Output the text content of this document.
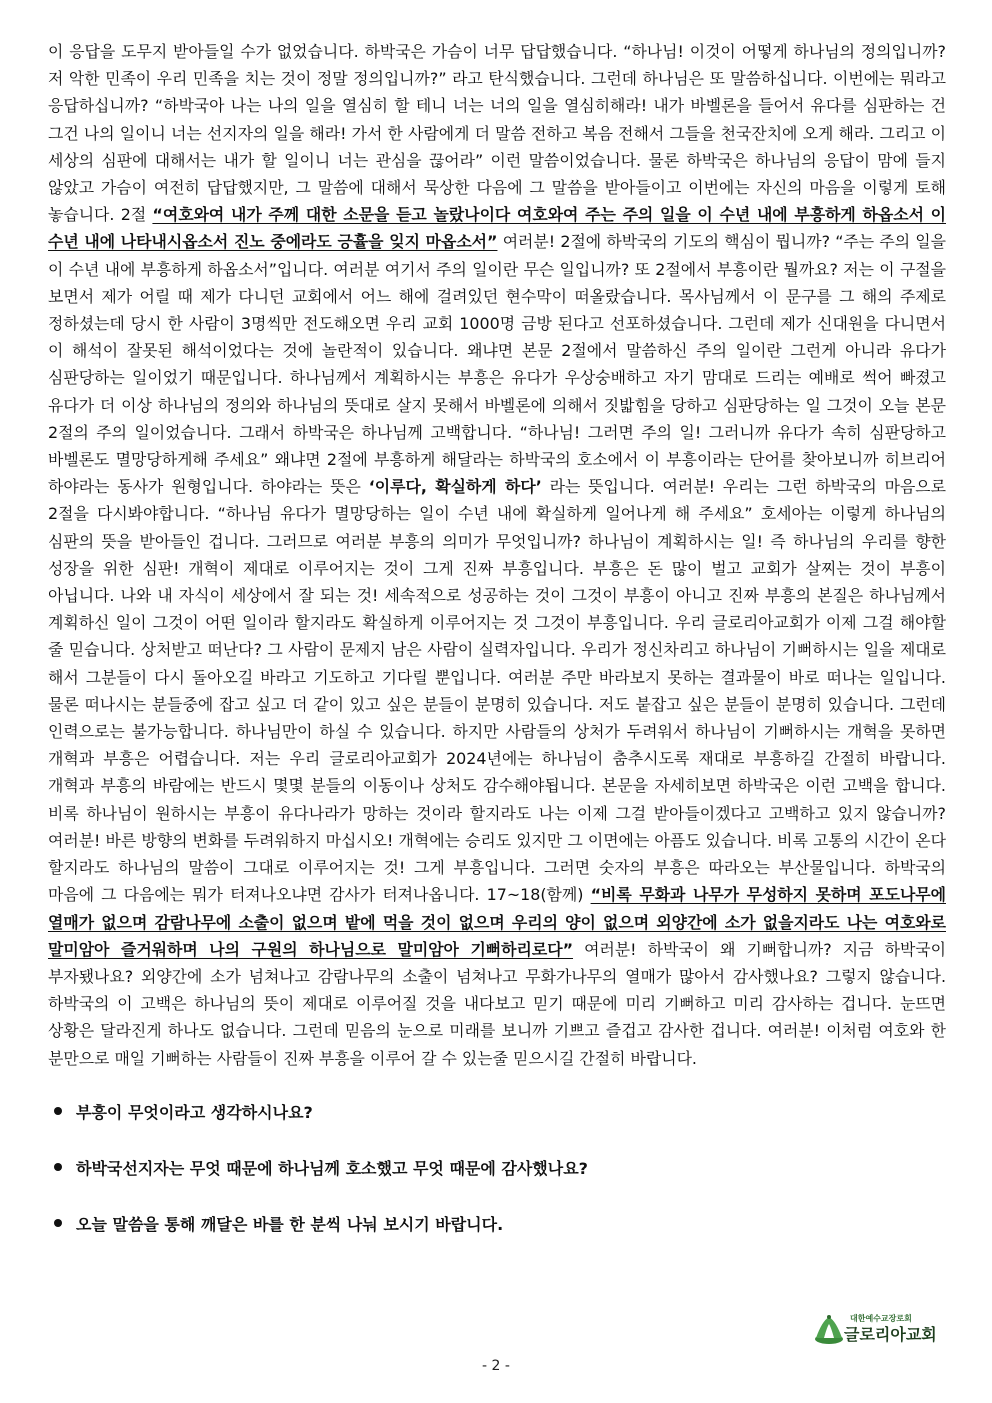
이 응답을 도무지 받아들일 수가 없었습니다. 하박국은 가슴이 너무 답답했습니다. “하나님! 이것이 어떻게 하나님의 정의입니까? 저 악한 민족이 우리 민족을 치는 것이 정말 정의입니까?” 라고 탄식했습니다. 그런데 하나님은 또 말씀하십니다. 이번에는 뭐라고 응답하십니까? “하박국아 나는 나의 일을 열심히 할 테니 너는 너의 일을 열심히해라! 내가 바벨론을 들어서 유다를 심판하는 건 그건 나의 일이니 너는 선지자의 일을 해라! 가서 한 사람에게 더 말씀 전하고 복음 전해서 그들을 천국잔치에 오게 해라. 그리고 이 세상의 심판에 대해서는 내가 할 일이니 너는 관심을 끊어라” 이런 말씀이었습니다. 물론 하박국은 하나님의 응답이 맘에 들지 않았고 가슴이 여전히 답답했지만, 그 말씀에 대해서 묵상한 다음에 그 말씀을 받아들이고 이번에는 자신의 마음을 이렇게 토해 놓습니다. 2절 “여호와여 내가 주께 대한 소문을 듣고 놀랐나이다 여호와여 주는 주의 일을 이 수년 내에 부흥하게 하옵소서 이 수년 내에 나타내시옵소서 진노 중에라도 긍휼을 잊지 마옵소서” 여러분! 2절에 하박국의 기도의 핵심이 뭡니까? “주는 주의 일을 이 수년 내에 부흥하게 하옵소서”입니다. 여러분 여기서 주의 일이란 무슨 일입니까? 또 2절에서 부흥이란 뭘까요? 저는 이 구절을 보면서 제가 어릴 때 제가 다니던 교회에서 어느 해에 걸려있던 현수막이 떠올랐습니다. 목사님께서 이 문구를 그 해의 주제로 정하셨는데 당시 한 사람이 3명씩만 전도해오면 우리 교회 1000명 금방 된다고 선포하셨습니다. 그런데 제가 신대원을 다니면서 이 해석이 잘못된 해석이었다는 것에 놀란적이 있습니다. 왜냐면 본문 2절에서 말씀하신 주의 일이란 그런게 아니라 유다가 심판당하는 일이었기 때문입니다. 하나님께서 계획하시는 부흥은 유다가 우상숭배하고 자기 맘대로 드리는 예배로 썩어 빠졌고 유다가 더 이상 하나님의 정의와 하나님의 뜻대로 살지 못해서 바벨론에 의해서 짓밟힘을 당하고 심판당하는 일 그것이 오늘 본문 2절의 주의 일이었습니다. 그래서 하박국은 하나님께 고백합니다. “하나님! 그러면 주의 일! 그러니까 유다가 속히 심판당하고 바벨론도 멸망당하게해 주세요” 왜냐면 2절에 부흥하게 해달라는 하박국의 호소에서 이 부흥이라는 단어를 찾아보니까 히브리어 하야라는 동사가 원형입니다. 하야라는 뜻은 ‘이루다, 확실하게 하다’ 라는 뜻입니다. 여러분! 우리는 그런 하박국의 마음으로 2절을 다시봐야합니다. “하나님 유다가 멸망당하는 일이 수년 내에 확실하게 일어나게 해 주세요” 호세아는 이렇게 하나님의 심판의 뜻을 받아들인 겁니다. 그러므로 여러분 부흥의 의미가 무엇입니까? 하나님이 계획하시는 일! 즉 하나님의 우리를 향한 성장을 위한 심판! 개혁이 제대로 이루어지는 것이 그게 진짜 부흥입니다. 부흥은 돈 많이 벌고 교회가 살찌는 것이 부흥이 아닙니다. 나와 내 자식이 세상에서 잘 되는 것! 세속적으로 성공하는 것이 그것이 부흥이 아니고 진짜 부흥의 본질은 하나님께서 계획하신 일이 그것이 어떤 일이라 할지라도 확실하게 이루어지는 것 그것이 부흥입니다. 우리 글로리아교회가 이제 그걸 해야할 줄 믿습니다. 상처받고 떠난다? 그 사람이 문제지 남은 사람이 실력자입니다. 우리가 정신차리고 하나님이 기뻐하시는 일을 제대로 해서 그분들이 다시 돌아오길 바라고 기도하고 기다릴 뿐입니다. 여러분 주만 바라보지 못하는 결과물이 바로 떠나는 일입니다. 물론 떠나시는 분들중에 잡고 싶고 더 같이 있고 싶은 분들이 분명히 있습니다. 저도 붙잡고 싶은 분들이 분명히 있습니다. 그런데 인력으로는 불가능합니다. 하나님만이 하실 수 있습니다. 하지만 사람들의 상처가 두려워서 하나님이 기뻐하시는 개혁을 못하면 개혁과 부흥은 어렵습니다. 저는 우리 글로리아교회가 2024년에는 하나님이 춤추시도록 재대로 부흥하길 간절히 바랍니다. 개혁과 부흥의 바람에는 반드시 몇몇 분들의 이동이나 상처도 감수해야됩니다. 본문을 자세히보면 하박국은 이런 고백을 합니다. 비록 하나님이 원하시는 부흥이 유다나라가 망하는 것이라 할지라도 나는 이제 그걸 받아들이겠다고 고백하고 있지 않습니까? 여러분! 바른 방향의 변화를 두려워하지 마십시오! 개혁에는 승리도 있지만 그 이면에는 아픔도 있습니다. 비록 고통의 시간이 온다 할지라도 하나님의 말씀이 그대로 이루어지는 것! 그게 부흥입니다. 그러면 숫자의 부흥은 따라오는 부산물입니다. 하박국의 마음에 그 다음에는 뭐가 터져나오냐면 감사가 터져나옵니다. 17~18(함께) “비록 무화과 나무가 무성하지 못하며 포도나무에 열매가 없으며 감람나무에 소출이 없으며 밭에 먹을 것이 없으며 우리의 양이 없으며 외양간에 소가 없을지라도 나는 여호와로 말미암아 즐거워하며 나의 구원의 하나님으로 말미암아 기뻐하리로다” 여러분! 하박국이 왜 기뻐합니까? 지금 하박국이 부자됐나요? 외양간에 소가 넘쳐나고 감람나무의 소출이 넘쳐나고 무화가나무의 열매가 많아서 감사했나요? 그렇지 않습니다. 하박국의 이 고백은 하나님의 뜻이 제대로 이루어질 것을 내다보고 믿기 때문에 미리 기뻐하고 미리 감사하는 겁니다. 눈뜨면 상황은 달라진게 하나도 없습니다. 그런데 믿음의 눈으로 미래를 보니까 기쁘고 즐겁고 감사한 겁니다. 여러분! 이처럼 여호와 한 분만으로 매일 기뻐하는 사람들이 진짜 부흥을 이루어 갈 수 있는줄 믿으시길 간절히 바랍니다.

부흥이 무엇이라고 생각하시나요?
하박국선지자는 무엇 때문에 하나님께 호소했고 무엇 때문에 감사했나요?
오늘 말씀을 통해 깨달은 바를 한 분씩 나눠 보시기 바랍니다.
대한예수교장로회
글로리아교회
- 2 -
